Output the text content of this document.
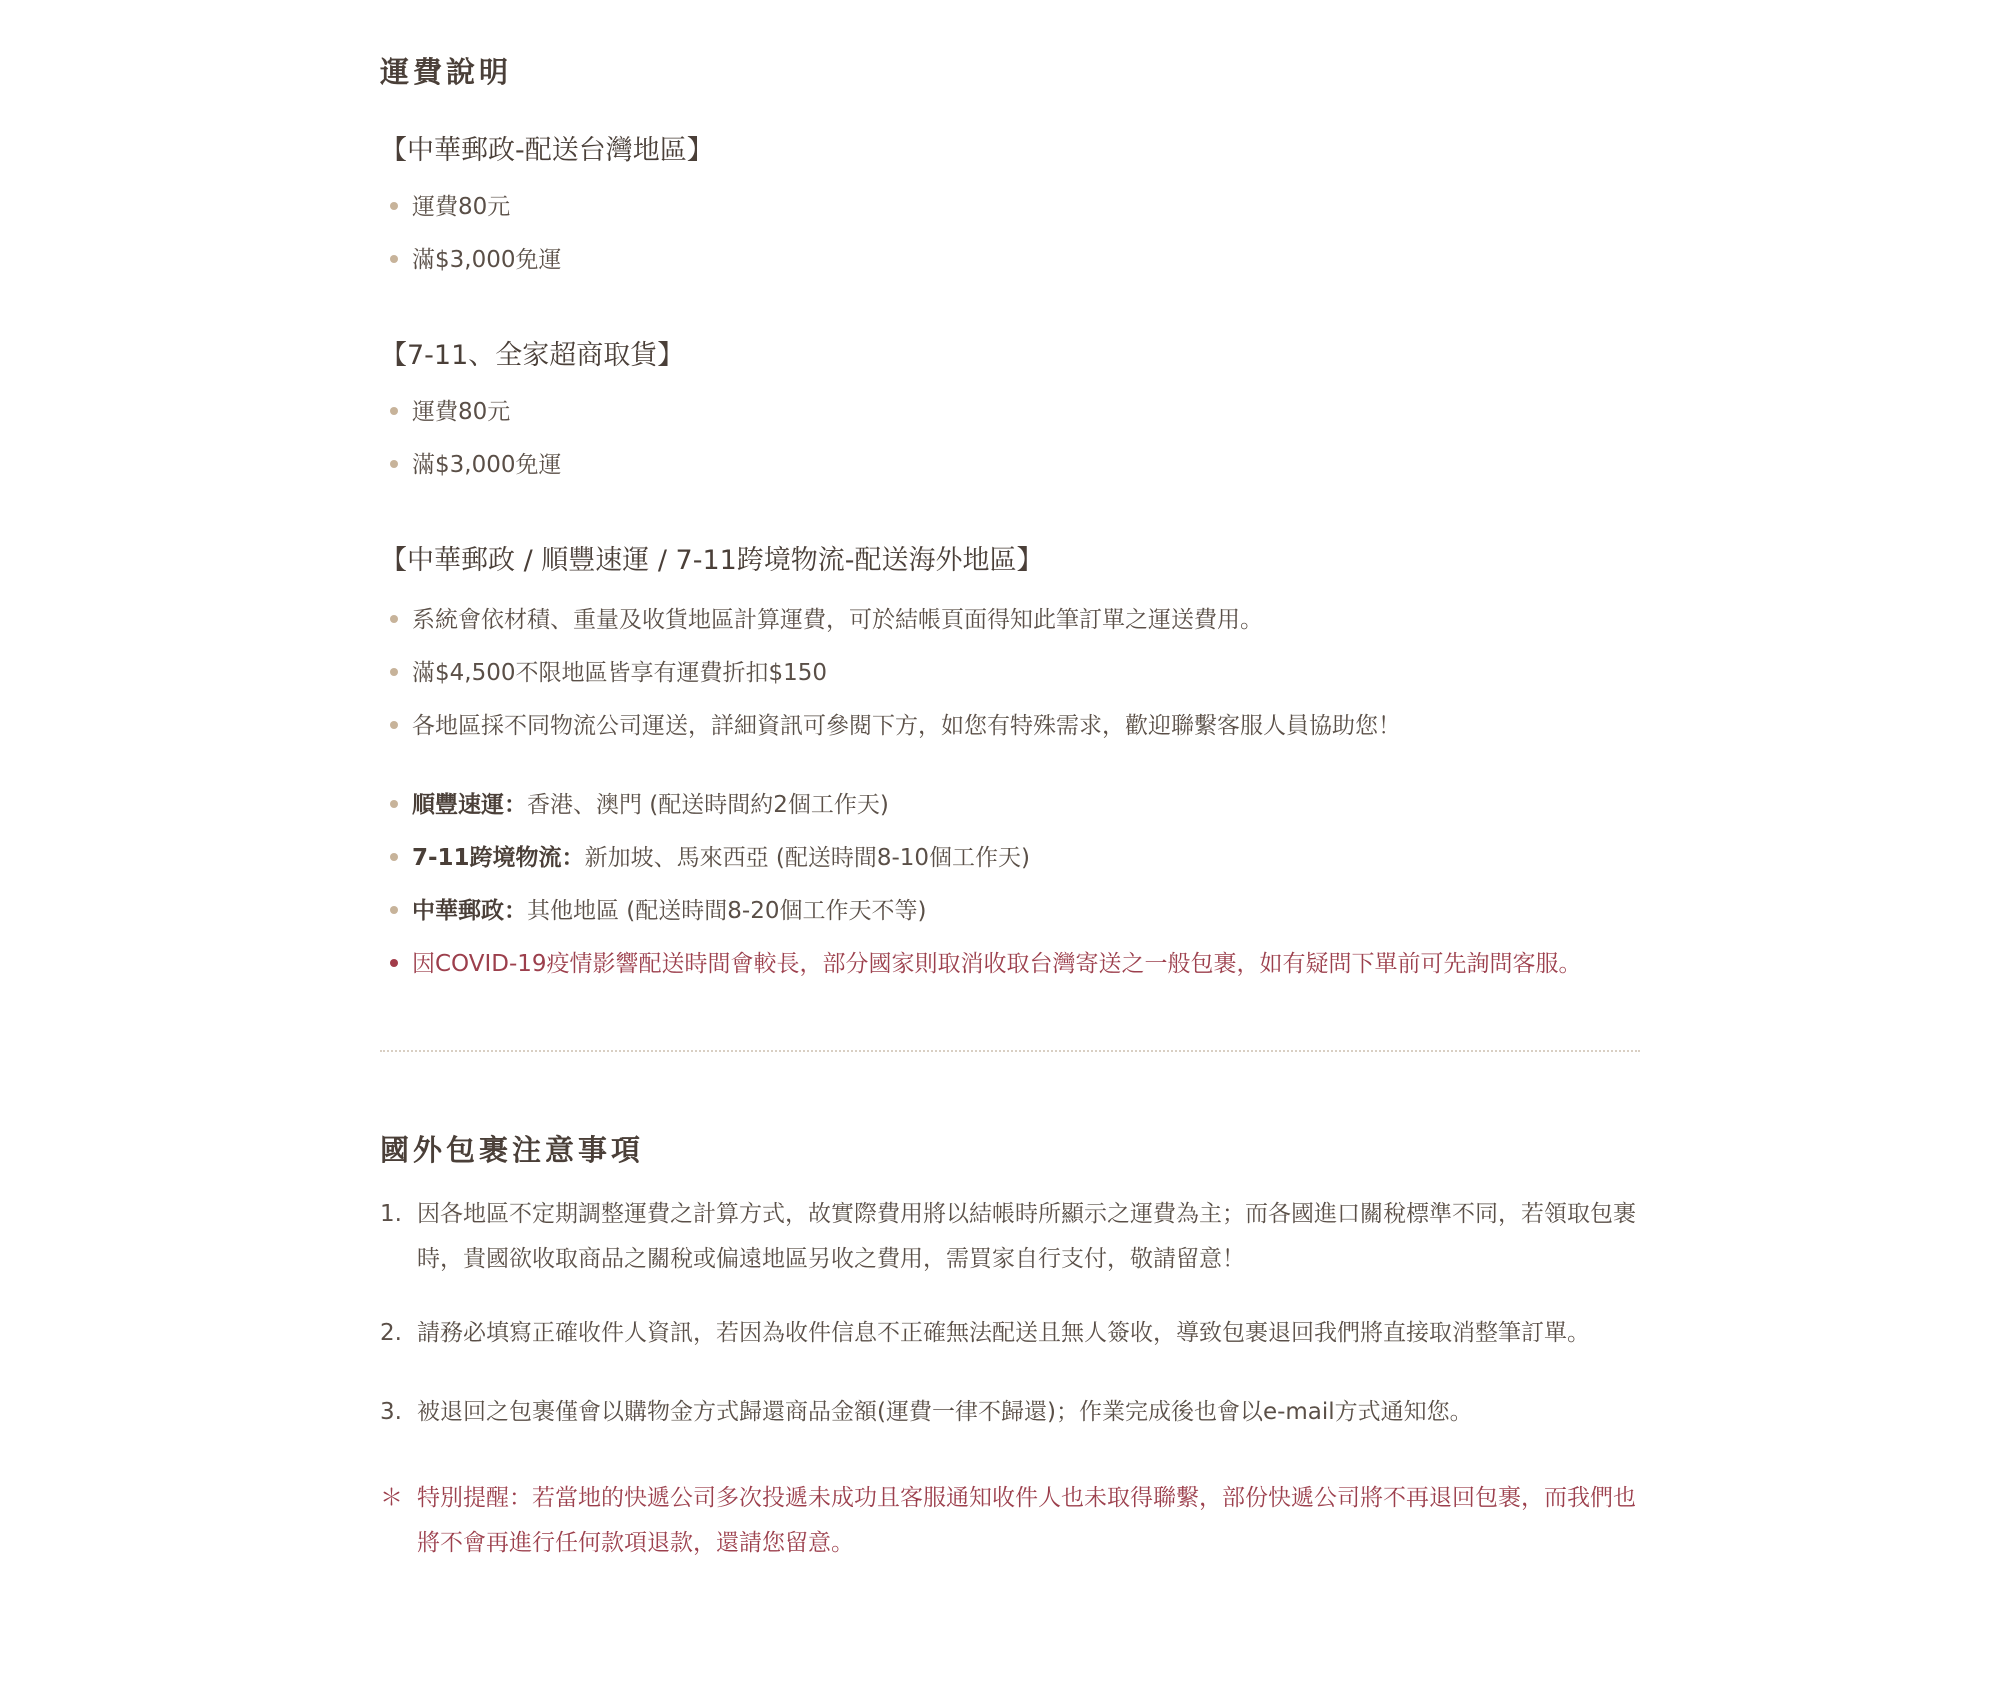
運費說明
【中華郵政-配送台灣地區】
運費80元
滿$3,000免運
【7-11、全家超商取貨】
運費80元
滿$3,000免運
【中華郵政 / 順豐速運 / 7-11跨境物流-配送海外地區】
系統會依材積、重量及收貨地區計算運費，可於結帳頁面得知此筆訂單之運送費用。
滿$4,500不限地區皆享有運費折扣$150
各地區採不同物流公司運送，詳細資訊可參閱下方，如您有特殊需求，歡迎聯繫客服人員協助您！
順豐速運：香港、澳門 (配送時間約2個工作天)
7-11跨境物流：新加坡、馬來西亞 (配送時間8-10個工作天)
中華郵政：其他地區 (配送時間8-20個工作天不等)
因COVID-19疫情影響配送時間會較長，部分國家則取消收取台灣寄送之一般包裹，如有疑問下單前可先詢問客服。
國外包裹注意事項
1. 因各地區不定期調整運費之計算方式，故實際費用將以結帳時所顯示之運費為主；而各國進口關稅標準不同，若領取包裹時，貴國欲收取商品之關稅或偏遠地區另收之費用，需買家自行支付，敬請留意！
2. 請務必填寫正確收件人資訊，若因為收件信息不正確無法配送且無人簽收，導致包裹退回我們將直接取消整筆訂單。
3. 被退回之包裹僅會以購物金方式歸還商品金額(運費一律不歸還)；作業完成後也會以e-mail方式通知您。
＊ 特別提醒：若當地的快遞公司多次投遞未成功且客服通知收件人也未取得聯繫，部份快遞公司將不再退回包裹，而我們也將不會再進行任何款項退款，還請您留意。
